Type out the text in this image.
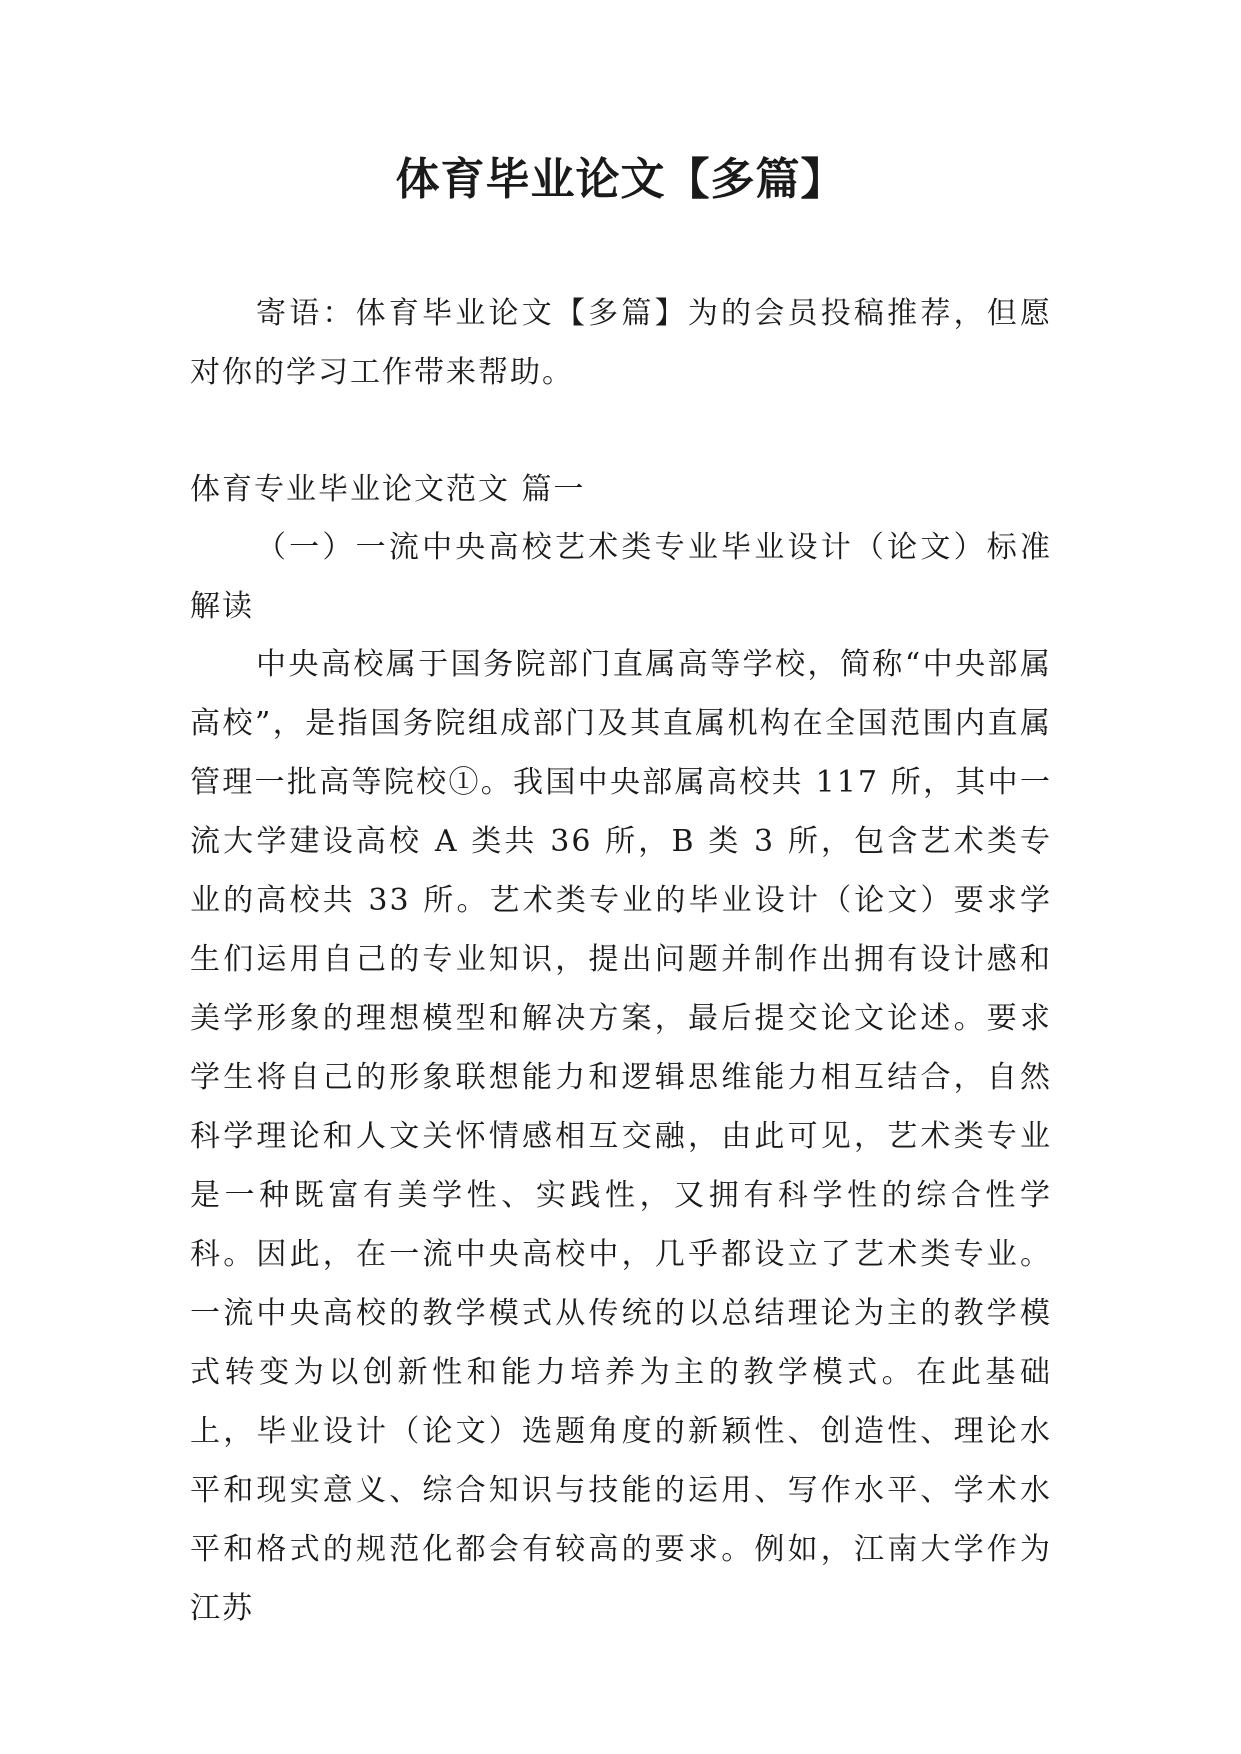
体育毕业论文【多篇】

寄语：体育毕业论文【多篇】为的会员投稿推荐，但愿对你的学习工作带来帮助。

体育专业毕业论文范文 篇一

（一）一流中央高校艺术类专业毕业设计（论文）标准解读

中央高校属于国务院部门直属高等学校，简称“中央部属高校”，是指国务院组成部门及其直属机构在全国范围内直属管理一批高等院校①。我国中央部属高校共 117 所，其中一流大学建设高校 A 类共 36 所，B 类 3 所，包含艺术类专业的高校共 33 所。艺术类专业的毕业设计（论文）要求学生们运用自己的专业知识，提出问题并制作出拥有设计感和美学形象的理想模型和解决方案，最后提交论文论述。要求学生将自己的形象联想能力和逻辑思维能力相互结合，自然科学理论和人文关怀情感相互交融，由此可见，艺术类专业是一种既富有美学性、实践性，又拥有科学性的综合性学科。因此，在一流中央高校中，几乎都设立了艺术类专业。一流中央高校的教学模式从传统的以总结理论为主的教学模式转变为以创新性和能力培养为主的教学模式。在此基础上，毕业设计（论文）选题角度的新颖性、创造性、理论水平和现实意义、综合知识与技能的运用、写作水平、学术水平和格式的规范化都会有较高的要求。例如，江南大学作为江苏
